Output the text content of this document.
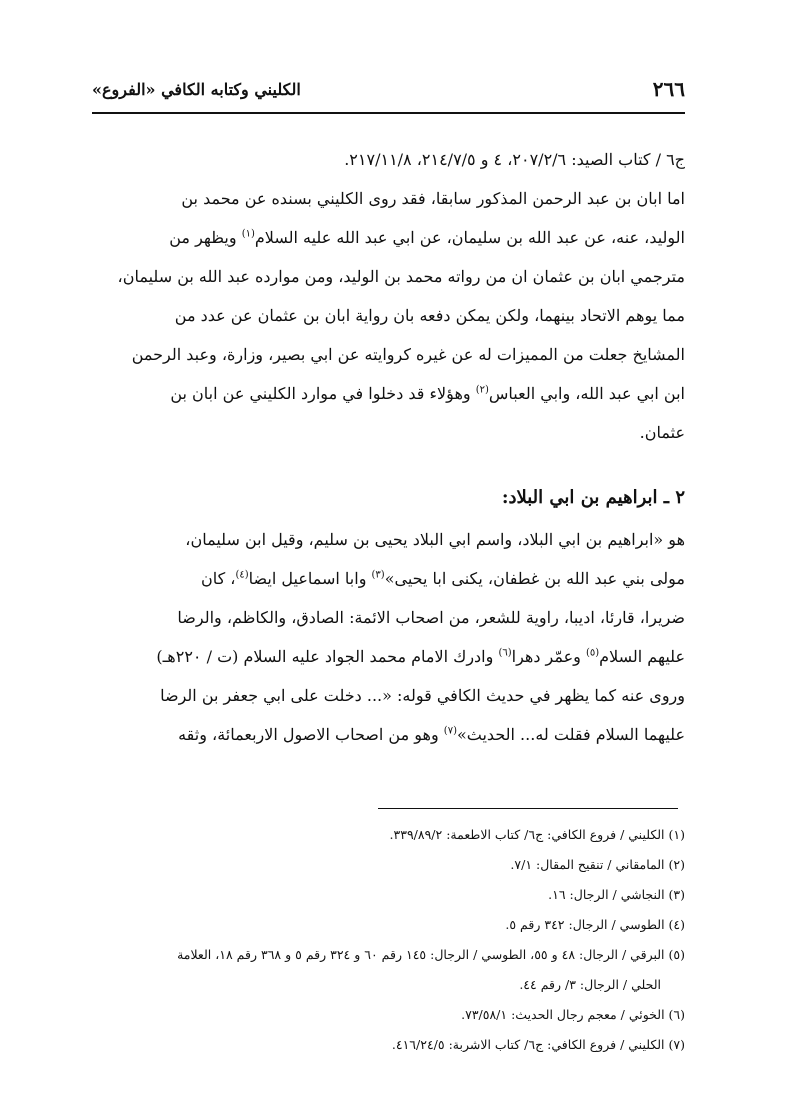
٢٦٦
الكليني وكتابه الكافي «الفروع»
ج٦ / كتاب الصيد: ٢٠٧/٢/٦، ٤ و ٢١٤/٧/٥، ٢١٧/١١/٨.
اما ابان بن عبد الرحمن المذكور سابقا، فقد روى الكليني بسنده عن محمد بن
الوليد، عنه، عن عبد الله بن سليمان، عن ابي عبد الله عليه السلام$^{(١)}$ ويظهر من
مترجمي ابان بن عثمان ان من رواته محمد بن الوليد، ومن موارده عبد الله بن سليمان،
مما يوهم الاتحاد بينهما، ولكن يمكن دفعه بان رواية ابان بن عثمان عن عدد من
المشايخ جعلت من المميزات له عن غيره كروايته عن ابي بصير، وزارة، وعبد الرحمن
ابن ابي عبد الله، وابي العباس$^{(٢)}$ وهؤلاء قد دخلوا في موارد الكليني عن ابان بن
عثمان.
٢ ـ ابراهيم بن ابي البلاد:
هو «ابراهيم بن ابي البلاد، واسم ابي البلاد يحيى بن سليم، وقيل ابن سليمان،
مولى بني عبد الله بن غطفان، يكنى ابا يحيى»$^{(٣)}$ وابا اسماعيل ايضا$^{(٤)}$، كان
ضريرا، قارئا، اديبا، راوية للشعر، من اصحاب الائمة: الصادق، والكاظم، والرضا
عليهم السلام$^{(٥)}$ وعمّر دهرا$^{(٦)}$ وادرك الامام محمد الجواد عليه السلام (ت / ٢٢٠هـ)
وروى عنه كما يظهر في حديث الكافي قوله: «... دخلت على ابي جعفر بن الرضا
عليهما السلام فقلت له... الحديث»$^{(٧)}$ وهو من اصحاب الاصول الاربعمائة، وثقه
(١) الكليني / فروع الكافي: ج٦/ كتاب الاطعمة: ٣٣٩/٨٩/٢.
(٢) المامقاني / تنقيح المقال: ٧/١.
(٣) النجاشي / الرجال: ١٦.
(٤) الطوسي / الرجال: ٣٤٢ رقم ٥.
(٥) البرقي / الرجال: ٤٨ و ٥٥، الطوسي / الرجال: ١٤٥ رقم ٦٠ و ٣٢٤ رقم ٥ و ٣٦٨ رقم ١٨، العلامة
الحلي / الرجال: ٣/ رقم ٤٤.
(٦) الخوئي / معجم رجال الحديث: ٧٣/٥٨/١.
(٧) الكليني / فروع الكافي: ج٦/ كتاب الاشربة: ٤١٦/٢٤/٥.
